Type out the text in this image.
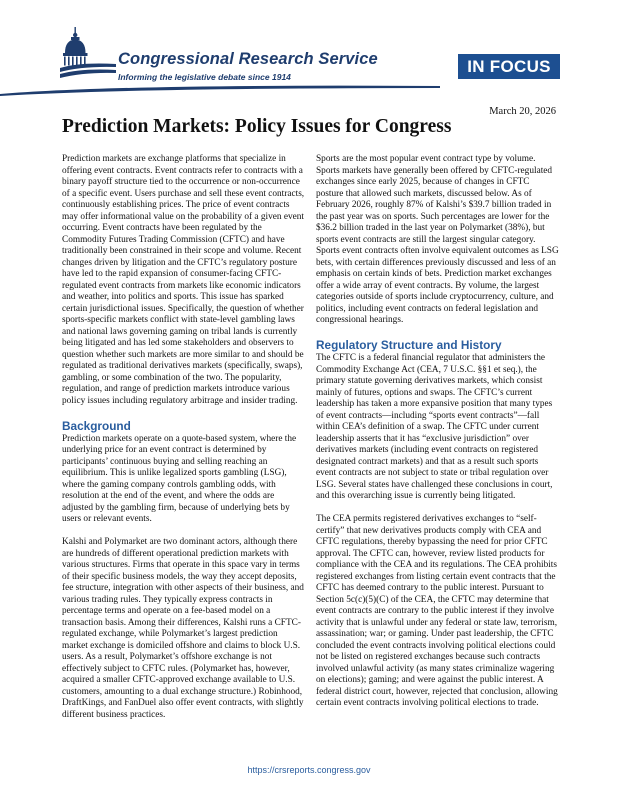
Congressional Research Service
Informing the legislative debate since 1914
IN FOCUS
March 20, 2026
Prediction Markets: Policy Issues for Congress

Prediction markets are exchange platforms that specialize in offering event contracts. Event contracts refer to contracts with a binary payoff structure tied to the occurrence or non-occurrence of a specific event. Users purchase and sell these event contracts, continuously establishing prices. The price of event contracts may offer informational value on the probability of a given event occurring. Event contracts have been regulated by the Commodity Futures Trading Commission (CFTC) and have traditionally been constrained in their scope and volume. Recent changes driven by litigation and the CFTC’s regulatory posture have led to the rapid expansion of consumer-facing CFTC-regulated event contracts from markets like economic indicators and weather, into politics and sports. This issue has sparked certain jurisdictional issues. Specifically, the question of whether sports-specific markets conflict with state-level gambling laws and national laws governing gaming on tribal lands is currently being litigated and has led some stakeholders and observers to question whether such markets are more similar to and should be regulated as traditional derivatives markets (specifically, swaps), gambling, or some combination of the two. The popularity, regulation, and range of prediction markets introduce various policy issues including regulatory arbitrage and insider trading.

Background

Prediction markets operate on a quote-based system, where the underlying price for an event contract is determined by participants’ continuous buying and selling reaching an equilibrium. This is unlike legalized sports gambling (LSG), where the gaming company controls gambling odds, with resolution at the end of the event, and where the odds are adjusted by the gambling firm, because of underlying bets by users or relevant events.

Kalshi and Polymarket are two dominant actors, although there are hundreds of different operational prediction markets with various structures. Firms that operate in this space vary in terms of their specific business models, the way they accept deposits, fee structure, integration with other aspects of their business, and various trading rules. They typically express contracts in percentage terms and operate on a fee-based model on a transaction basis. Among their differences, Kalshi runs a CFTC-regulated exchange, while Polymarket’s largest prediction market exchange is domiciled offshore and claims to block U.S. users. As a result, Polymarket’s offshore exchange is not effectively subject to CFTC rules. (Polymarket has, however, acquired a smaller CFTC-approved exchange available to U.S. customers, amounting to a dual exchange structure.) Robinhood, DraftKings, and FanDuel also offer event contracts, with slightly different business practices.

Sports are the most popular event contract type by volume. Sports markets have generally been offered by CFTC-regulated exchanges since early 2025, because of changes in CFTC posture that allowed such markets, discussed below. As of February 2026, roughly 87% of Kalshi’s $39.7 billion traded in the past year was on sports. Such percentages are lower for the $36.2 billion traded in the last year on Polymarket (38%), but sports event contracts are still the largest singular category. Sports event contracts often involve equivalent outcomes as LSG bets, with certain differences previously discussed and less of an emphasis on certain kinds of bets. Prediction market exchanges offer a wide array of event contracts. By volume, the largest categories outside of sports include cryptocurrency, culture, and politics, including event contracts on federal legislation and congressional hearings.

Regulatory Structure and History

The CFTC is a federal financial regulator that administers the Commodity Exchange Act (CEA, 7 U.S.C. §§1 et seq.), the primary statute governing derivatives markets, which consist mainly of futures, options and swaps. The CFTC’s current leadership has taken a more expansive position that many types of event contracts—including “sports event contracts”—fall within CEA’s definition of a swap. The CFTC under current leadership asserts that it has “exclusive jurisdiction” over derivatives markets (including event contracts on registered designated contract markets) and that as a result such sports event contracts are not subject to state or tribal regulation over LSG. Several states have challenged these conclusions in court, and this overarching issue is currently being litigated.

The CEA permits registered derivatives exchanges to “self-certify” that new derivatives products comply with CEA and CFTC regulations, thereby bypassing the need for prior CFTC approval. The CFTC can, however, review listed products for compliance with the CEA and its regulations. The CEA prohibits registered exchanges from listing certain event contracts that the CFTC has deemed contrary to the public interest. Pursuant to Section 5c(c)(5)(C) of the CEA, the CFTC may determine that event contracts are contrary to the public interest if they involve activity that is unlawful under any federal or state law, terrorism, assassination; war; or gaming. Under past leadership, the CFTC concluded the event contracts involving political elections could not be listed on registered exchanges because such contracts involved unlawful activity (as many states criminalize wagering on elections); gaming; and were against the public interest. A federal district court, however, rejected that conclusion, allowing certain event contracts involving political elections to trade.

https://crsreports.congress.gov
